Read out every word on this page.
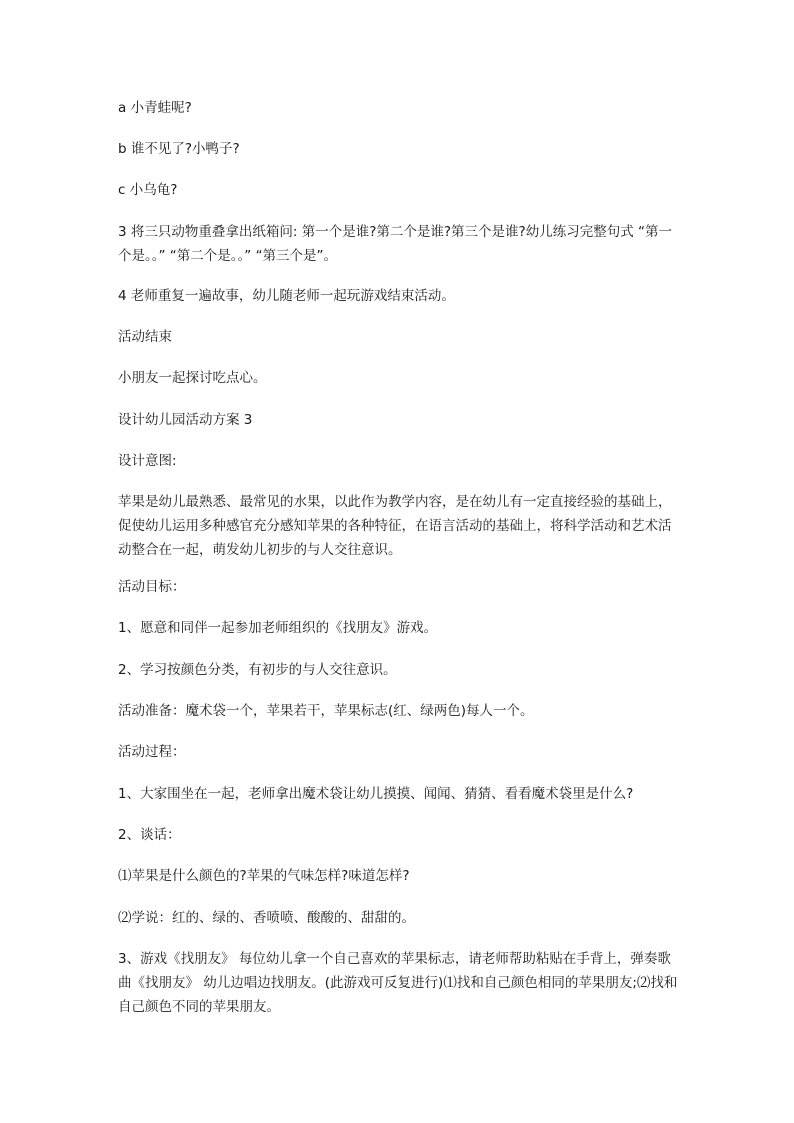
a 小青蛙呢?

b 谁不见了?小鸭子?

c 小乌龟?

3 将三只动物重叠拿出纸箱问: 第一个是谁?第二个是谁?第三个是谁?幼儿练习完整句式 “第一个是。。” “第二个是。。” “第三个是”。

4 老师重复一遍故事，幼儿随老师一起玩游戏结束活动。

活动结束

小朋友一起探讨吃点心。

设计幼儿园活动方案 3

设计意图:

苹果是幼儿最熟悉、最常见的水果，以此作为教学内容，是在幼儿有一定直接经验的基础上，促使幼儿运用多种感官充分感知苹果的各种特征，在语言活动的基础上，将科学活动和艺术活动整合在一起，萌发幼儿初步的与人交往意识。

活动目标：

1、愿意和同伴一起参加老师组织的《找朋友》游戏。

2、学习按颜色分类，有初步的与人交往意识。

活动准备：魔术袋一个，苹果若干，苹果标志(红、绿两色)每人一个。

活动过程：

1、大家围坐在一起，老师拿出魔术袋让幼儿摸摸、闻闻、猜猜、看看魔术袋里是什么?

2、谈话：

⑴苹果是什么颜色的?苹果的气味怎样?味道怎样?

⑵学说：红的、绿的、香喷喷、酸酸的、甜甜的。

3、游戏《找朋友》 每位幼儿拿一个自己喜欢的苹果标志，请老师帮助粘贴在手背上，弹奏歌曲《找朋友》 幼儿边唱边找朋友。(此游戏可反复进行)⑴找和自己颜色相同的苹果朋友;⑵找和自己颜色不同的苹果朋友。
